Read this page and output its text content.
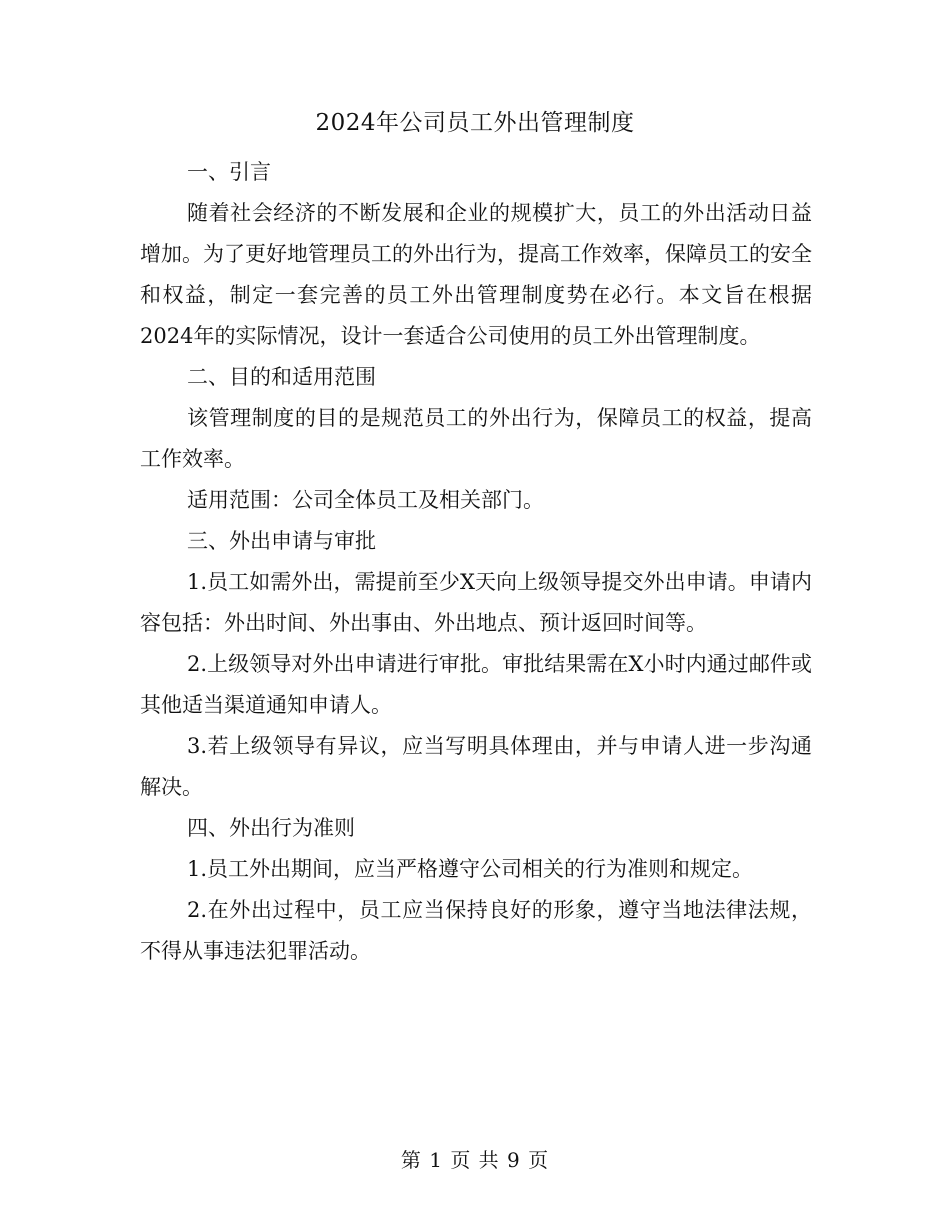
2024年公司员工外出管理制度

一、引言

随着社会经济的不断发展和企业的规模扩大，员工的外出活动日益增加。为了更好地管理员工的外出行为，提高工作效率，保障员工的安全和权益，制定一套完善的员工外出管理制度势在必行。本文旨在根据2024年的实际情况，设计一套适合公司使用的员工外出管理制度。

二、目的和适用范围

该管理制度的目的是规范员工的外出行为，保障员工的权益，提高工作效率。

适用范围：公司全体员工及相关部门。

三、外出申请与审批

1.员工如需外出，需提前至少X天向上级领导提交外出申请。申请内容包括：外出时间、外出事由、外出地点、预计返回时间等。

2.上级领导对外出申请进行审批。审批结果需在X小时内通过邮件或其他适当渠道通知申请人。

3.若上级领导有异议，应当写明具体理由，并与申请人进一步沟通解决。

四、外出行为准则

1.员工外出期间，应当严格遵守公司相关的行为准则和规定。

2.在外出过程中，员工应当保持良好的形象，遵守当地法律法规，不得从事违法犯罪活动。

第 1 页 共 9 页
